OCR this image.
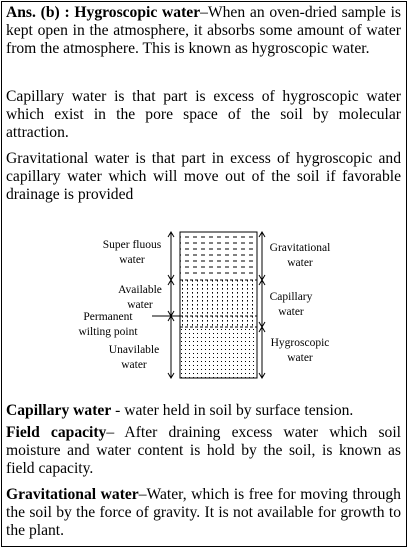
Ans. (b) : Hygroscopic water–When an oven-dried sample is kept open in the atmosphere, it absorbs some amount of water from the atmosphere. This is known as hygroscopic water.

Capillary water is that part is excess of hygroscopic water which exist in the pore space of the soil by molecular attraction.

Gravitational water is that part in excess of hygroscopic and capillary water which will move out of the soil if favorable drainage is provided

Super fluous
water
Available
water
Permanent
wilting point
Unavilable
water
Gravitational
water
Capillary
water
Hygroscopic
water

Capillary water - water held in soil by surface tension.

Field capacity– After draining excess water which soil moisture and water content is hold by the soil, is known as field capacity.

Gravitational water–Water, which is free for moving through the soil by the force of gravity. It is not available for growth to the plant.
